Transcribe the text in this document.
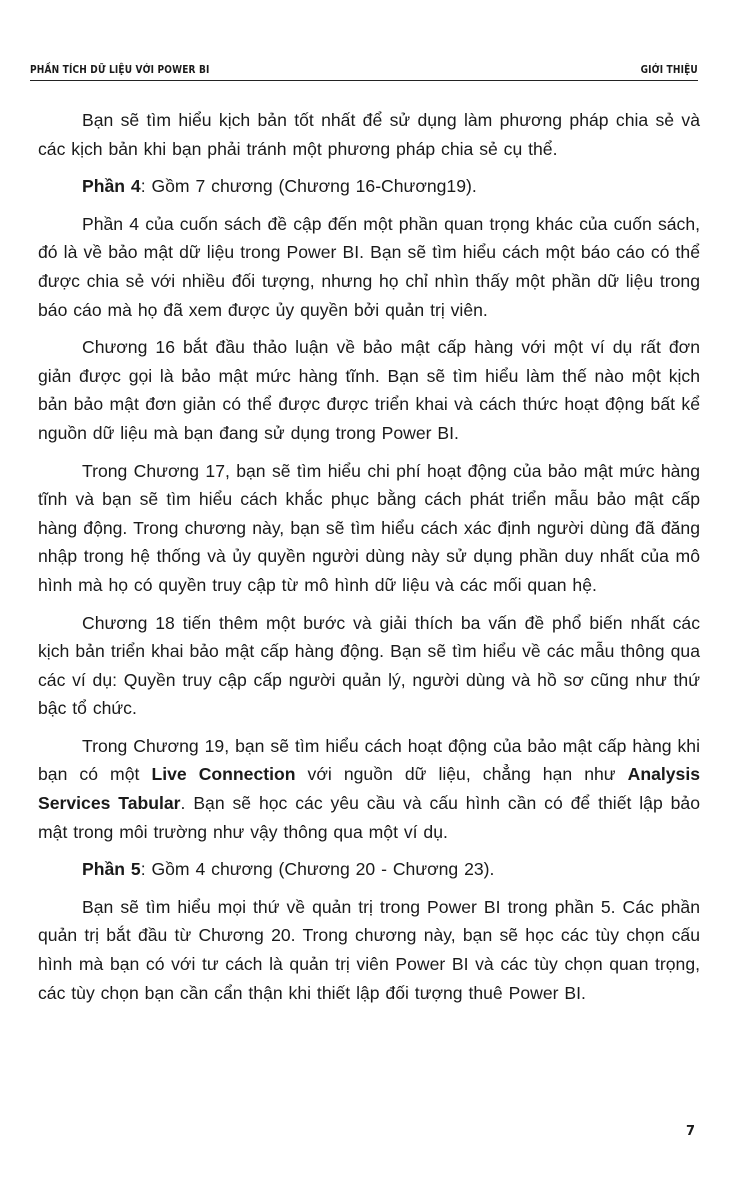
PHẦN TÍCH DỮ LIỆU VỚI POWER BI	GIỚI THIỆU

Bạn sẽ tìm hiểu kịch bản tốt nhất để sử dụng làm phương pháp chia sẻ và các kịch bản khi bạn phải tránh một phương pháp chia sẻ cụ thể.

Phần 4: Gồm 7 chương (Chương 16-Chương19).

Phần 4 của cuốn sách đề cập đến một phần quan trọng khác của cuốn sách, đó là về bảo mật dữ liệu trong Power BI. Bạn sẽ tìm hiểu cách một báo cáo có thể được chia sẻ với nhiều đối tượng, nhưng họ chỉ nhìn thấy một phần dữ liệu trong báo cáo mà họ đã xem được ủy quyền bởi quản trị viên.

Chương 16 bắt đầu thảo luận về bảo mật cấp hàng với một ví dụ rất đơn giản được gọi là bảo mật mức hàng tĩnh. Bạn sẽ tìm hiểu làm thế nào một kịch bản bảo mật đơn giản có thể được được triển khai và cách thức hoạt động bất kể nguồn dữ liệu mà bạn đang sử dụng trong Power BI.

Trong Chương 17, bạn sẽ tìm hiểu chi phí hoạt động của bảo mật mức hàng tĩnh và bạn sẽ tìm hiểu cách khắc phục bằng cách phát triển mẫu bảo mật cấp hàng động. Trong chương này, bạn sẽ tìm hiểu cách xác định người dùng đã đăng nhập trong hệ thống và ủy quyền người dùng này sử dụng phần duy nhất của mô hình mà họ có quyền truy cập từ mô hình dữ liệu và các mối quan hệ.

Chương 18 tiến thêm một bước và giải thích ba vấn đề phổ biến nhất các kịch bản triển khai bảo mật cấp hàng động. Bạn sẽ tìm hiểu về các mẫu thông qua các ví dụ: Quyền truy cập cấp người quản lý, người dùng và hồ sơ cũng như thứ bậc tổ chức.

Trong Chương 19, bạn sẽ tìm hiểu cách hoạt động của bảo mật cấp hàng khi bạn có một Live Connection với nguồn dữ liệu, chẳng hạn như Analysis Services Tabular. Bạn sẽ học các yêu cầu và cấu hình cần có để thiết lập bảo mật trong môi trường như vậy thông qua một ví dụ.

Phần 5: Gồm 4 chương (Chương 20 - Chương 23).

Bạn sẽ tìm hiểu mọi thứ về quản trị trong Power BI trong phần 5. Các phần quản trị bắt đầu từ Chương 20. Trong chương này, bạn sẽ học các tùy chọn cấu hình mà bạn có với tư cách là quản trị viên Power BI và các tùy chọn quan trọng, các tùy chọn bạn cần cẩn thận khi thiết lập đối tượng thuê Power BI.

7
